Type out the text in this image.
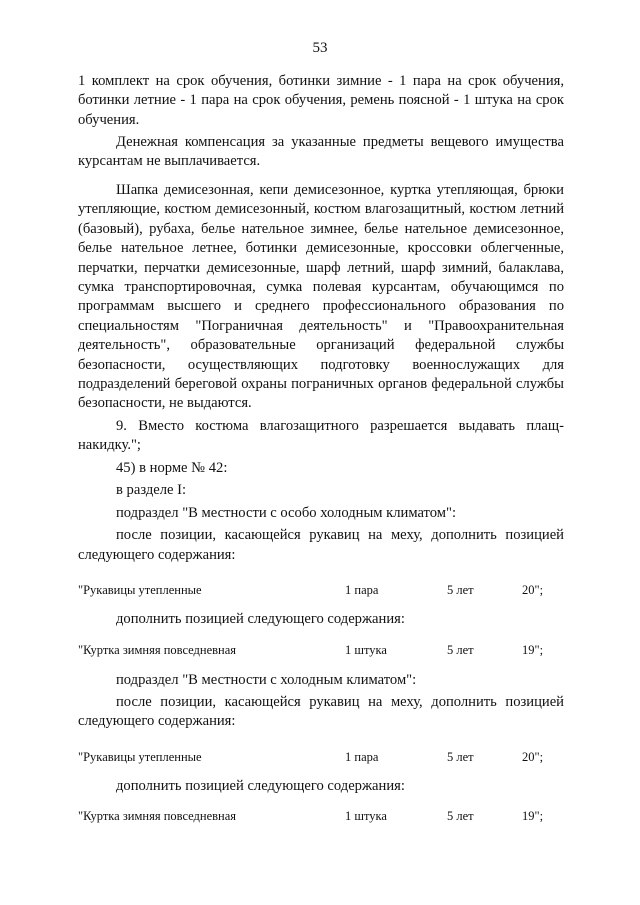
53

1 комплект на срок обучения, ботинки зимние - 1 пара на срок обучения, ботинки летние - 1 пара на срок обучения, ремень поясной - 1 штука на срок обучения.

Денежная компенсация за указанные предметы вещевого имущества курсантам не выплачивается.

Шапка демисезонная, кепи демисезонное, куртка утепляющая, брюки утепляющие, костюм демисезонный, костюм влагозащитный, костюм летний (базовый), рубаха, белье нательное зимнее, белье нательное демисезонное, белье нательное летнее, ботинки демисезонные, кроссовки облегченные, перчатки, перчатки демисезонные, шарф летний, шарф зимний, балаклава, сумка транспортировочная, сумка полевая курсантам, обучающимся по программам высшего и среднего профессионального образования по специальностям "Пограничная деятельность" и "Правоохранительная деятельность", образовательные организаций федеральной службы безопасности, осуществляющих подготовку военнослужащих для подразделений береговой охраны пограничных органов федеральной службы безопасности, не выдаются.

9. Вместо костюма влагозащитного разрешается выдавать плащ-накидку.";

45) в норме № 42:

в разделе I:

подраздел "В местности с особо холодным климатом":

после позиции, касающейся рукавиц на меху, дополнить позицией следующего содержания:

"Рукавицы утепленные	1 пара	5 лет	20";

дополнить позицией следующего содержания:

"Куртка зимняя повседневная	1 штука	5 лет	19";

подраздел "В местности с холодным климатом":

после позиции, касающейся рукавиц на меху, дополнить позицией следующего содержания:

"Рукавицы утепленные	1 пара	5 лет	20";

дополнить позицией следующего содержания:

"Куртка зимняя повседневная	1 штука	5 лет	19";
